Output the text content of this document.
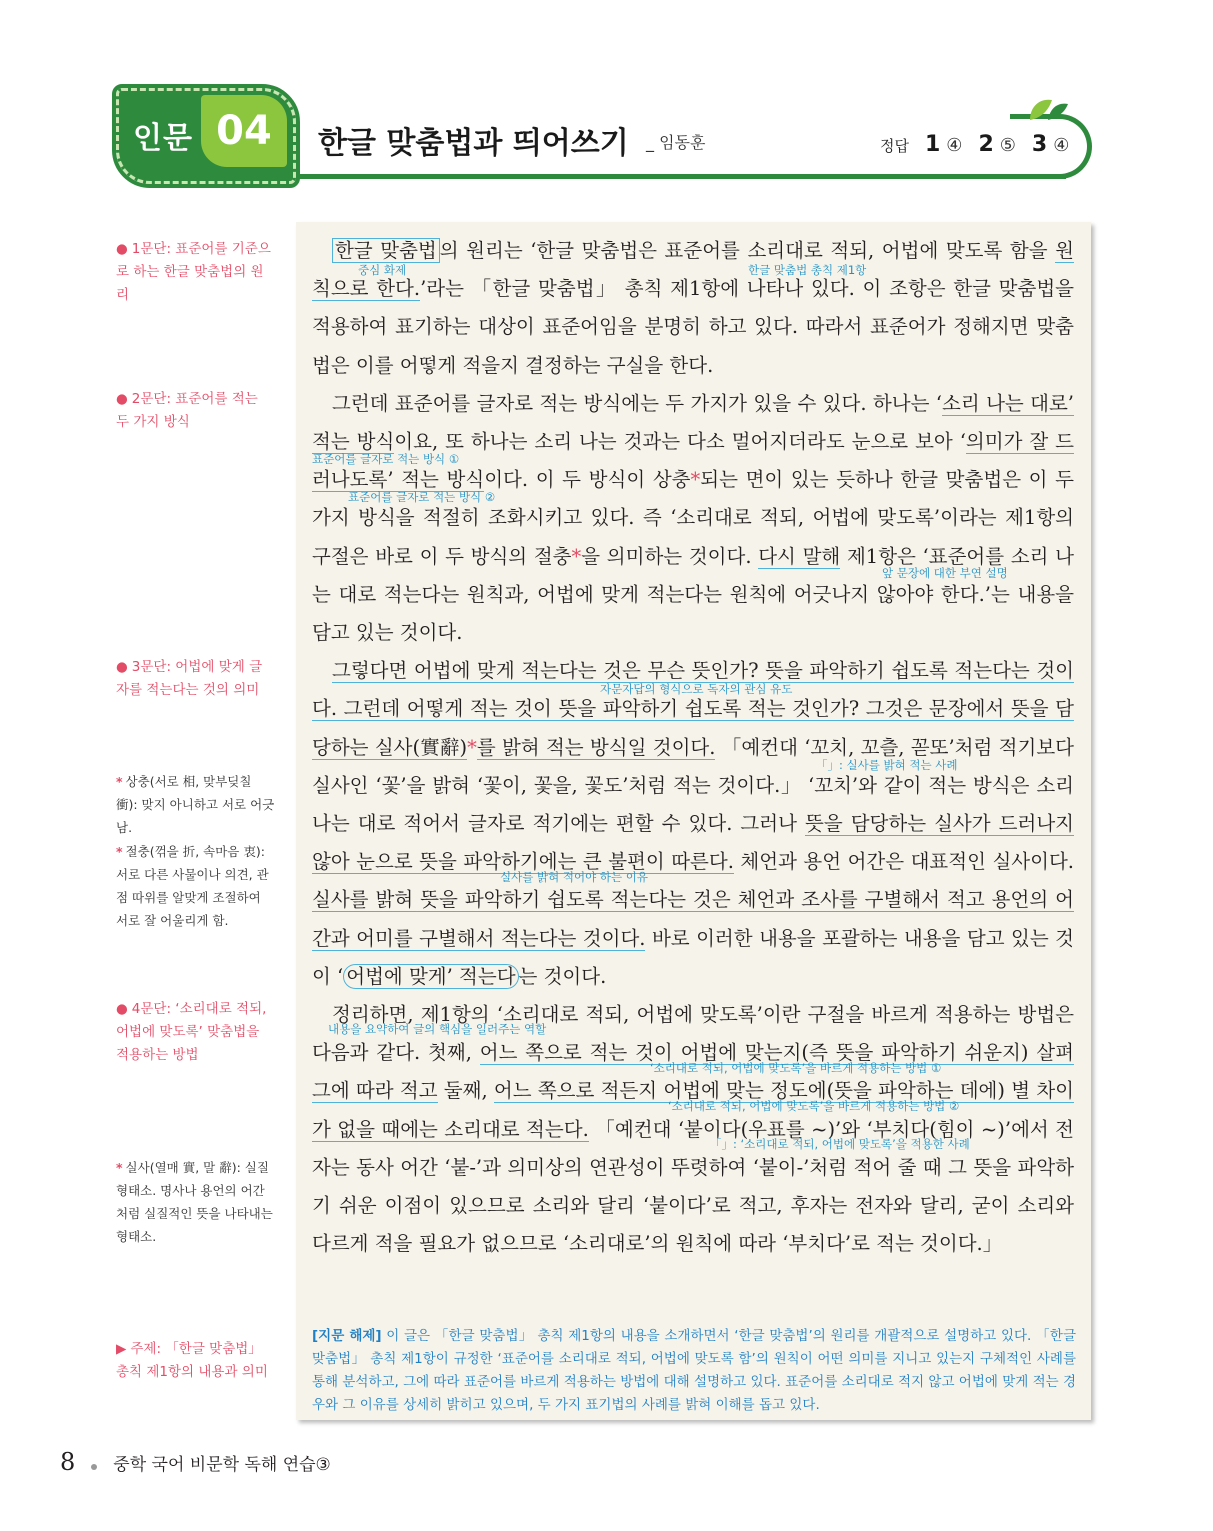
인문 04	한글 맞춤법과 띄어쓰기 _ 임동훈	정답 1 ④ 2 ⑤ 3 ④
● 1문단: 표준어를 기준으로 하는 한글 맞춤법의 원리
● 2문단: 표준어를 적는 두 가지 방식
● 3문단: 어법에 맞게 글자를 적는다는 것의 의미
* 상충(서로 相, 맞부딪칠 衝): 맞지 아니하고 서로 어긋남.
* 절충(꺾을 折, 속마음 衷): 서로 다른 사물이나 의견, 관점 따위를 알맞게 조절하여 서로 잘 어울리게 함.
● 4문단: ‘소리대로 적되, 어법에 맞도록’ 맞춤법을 적용하는 방법
* 실사(열매 實, 말 辭): 실질 형태소. 명사나 용언의 어간처럼 실질적인 뜻을 나타내는 형태소.
▶ 주제: 「한글 맞춤법」 총칙 제1항의 내용과 의미

한글 맞춤법 의 원리는 ‘한글 맞춤법은 표준어를 소리대로 적되, 어법에 맞도록 함을 원칙으로 한다.’라는 「한글 맞춤법」 총칙 제1항에 나타나 있다. 이 조항은 한글 맞춤법을 적용하여 표기하는 대상이 표준어임을 분명히 하고 있다. 따라서 표준어가 정해지면 맞춤법은 이를 어떻게 적을지 결정하는 구실을 한다.

그런데 표준어를 글자로 적는 방식에는 두 가지가 있을 수 있다. 하나는 ‘소리 나는 대로’ 적는 방식이요, 또 하나는 소리 나는 것과는 다소 멀어지더라도 눈으로 보아 ‘의미가 잘 드러나도록’ 적는 방식이다. 이 두 방식이 상충*되는 면이 있는 듯하나 한글 맞춤법은 이 두 가지 방식을 적절히 조화시키고 있다. 즉 ‘소리대로 적되, 어법에 맞도록’이라는 제1항의 구절은 바로 이 두 방식의 절충*을 의미하는 것이다. 다시 말해 제1항은 ‘표준어를 소리 나는 대로 적는다는 원칙과, 어법에 맞게 적는다는 원칙에 어긋나지 않아야 한다.’는 내용을 담고 있는 것이다.

그렇다면 어법에 맞게 적는다는 것은 무슨 뜻인가? 뜻을 파악하기 쉽도록 적는다는 것이다. 그런데 어떻게 적는 것이 뜻을 파악하기 쉽도록 적는 것인가? 그것은 문장에서 뜻을 담당하는 실사(實辭)*를 밝혀 적는 방식일 것이다. 「예컨대 ‘꼬치, 꼬츨, 꼳또’처럼 적기보다 실사인 ‘꽃’을 밝혀 ‘꽃이, 꽃을, 꽃도’처럼 적는 것이다.」 ‘꼬치’와 같이 적는 방식은 소리 나는 대로 적어서 글자로 적기에는 편할 수 있다. 그러나 뜻을 담당하는 실사가 드러나지 않아 눈으로 뜻을 파악하기에는 큰 불편이 따른다. 체언과 용언 어간은 대표적인 실사이다. 실사를 밝혀 뜻을 파악하기 쉽도록 적는다는 것은 체언과 조사를 구별해서 적고 용언의 어간과 어미를 구별해서 적는다는 것이다. 바로 이러한 내용을 포괄하는 내용을 담고 있는 것이 ‘ 어법에 맞게’ 적는다 는 것이다.

정리하면, 제1항의 ‘소리대로 적되, 어법에 맞도록’이란 구절을 바르게 적용하는 방법은 다음과 같다. 첫째, 어느 쪽으로 적는 것이 어법에 맞는지(즉 뜻을 파악하기 쉬운지) 살펴 그에 따라 적고 둘째, 어느 쪽으로 적든지 어법에 맞는 정도에(뜻을 파악하는 데에) 별 차이가 없을 때에는 소리대로 적는다. 「예컨대 ‘붙이다(우표를 ~)’와 ‘부치다(힘이 ~)’에서 전자는 동사 어간 ‘붙-’과 의미상의 연관성이 뚜렷하여 ‘붙이-’처럼 적어 줄 때 그 뜻을 파악하기 쉬운 이점이 있으므로 소리와 달리 ‘붙이다’로 적고, 후자는 전자와 달리, 굳이 소리와 다르게 적을 필요가 없으므로 ‘소리대로’의 원칙에 따라 ‘부치다’로 적는 것이다.」

중심 화제	한글 맞춤법 총칙 제1항
표준어를 글자로 적는 방식 ①
표준어를 글자로 적는 방식 ②
앞 문장에 대한 부연 설명
자문자답의 형식으로 독자의 관심 유도
「」: 실사를 밝혀 적는 사례
실사를 밝혀 적어야 하는 이유
내용을 요약하여 글의 핵심을 일러주는 역할
‘소리대로 적되, 어법에 맞도록’을 바르게 적용하는 방법 ①
‘소리대로 적되, 어법에 맞도록’을 바르게 적용하는 방법 ②
「」: ‘소리대로 적되, 어법에 맞도록’을 적용한 사례
[지문 해제] 이 글은 「한글 맞춤법」 총칙 제1항의 내용을 소개하면서 ‘한글 맞춤법’의 원리를 개괄적으로 설명하고 있다. 「한글 맞춤법」 총칙 제1항이 규정한 ‘표준어를 소리대로 적되, 어법에 맞도록 함’의 원칙이 어떤 의미를 지니고 있는지 구체적인 사례를 통해 분석하고, 그에 따라 표준어를 바르게 적용하는 방법에 대해 설명하고 있다. 표준어를 소리대로 적지 않고 어법에 맞게 적는 경우와 그 이유를 상세히 밝히고 있으며, 두 가지 표기법의 사례를 밝혀 이해를 돕고 있다.
8 중학 국어 비문학 독해 연습③
